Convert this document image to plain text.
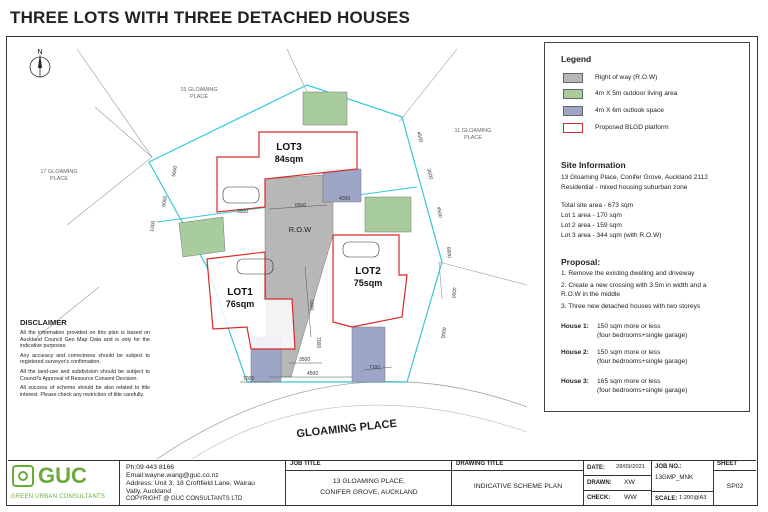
THREE LOTS WITH THREE DETACHED HOUSES
N
6500
4000
3500
7000
7000
3500
4500
7000
7100
5600
6000
1000
4500
3600
4500
6000
4000
6000
15 GLOAMING
PLACE
11 GLOAMING
PLACE
17 GLOAMING
PLACE
LOT3
84sqm
LOT1
76sqm
LOT2
75sqm
R.O.W
GLOAMING PLACE
Legend
Right of way (R.O.W)
4m X 5m outdoor living area
4m X 6m outlook space
Proposed BLGD platform
Site Information
13 Gloaming Place, Conifer Grove, Auckland 2112
Residential - mixed housing suburban zone
Total site area - 673 sqm
Lot 1 area - 170 sqm
Lot 2 area - 159 sqm
Lot 3 area - 344 sqm (with R.O.W)
Proposal:
1. Remove the existing dwelling and driveway
2. Create a new crossing with 3.5m in width and a
R.O.W in the middle
3. Three new detached houses with two storeys
House 1: 150 sqm more or less
(four bedrooms+single garage)
House 2: 150 sqm more or less
(four bedrooms+single garage)
House 3: 165 sqm more or less
(four bedrooms+single garage)
DISCLAIMER
All the information provided on this plan is based on Auckland Council Geo Map Data and is only for the indicative purposes.
Any accuracy and correctness should be subject to registered surveyor's confirmation.
All the land-use and subdivision should be subject to Council's Approval of Resource Consent Decision.
All success of scheme should be also related to title interest. Please check any restriction of title carefully.
GUC
GREEN URBAN CONSULTANTS
Ph:09 443 8166
Email:wayne.wang@guc.co.nz
Address: Unit 3, 18 Croftfield Lane, Wairau
Vally, Auckland
COPYRIGHT @ GUC CONSULTANTS LTD
JOB TITLE
13 GLOAMING PLACE,
CONIFER GROVE, AUCKLAND
DRAWING TITLE
INDICATIVE SCHEME PLAN
DATE: 28/09/2021
DRAWN: XW
CHECK: WW
JOB NO.:
13GMP_MNK
SCALE: 1:200@A3
SHEET
SP02
